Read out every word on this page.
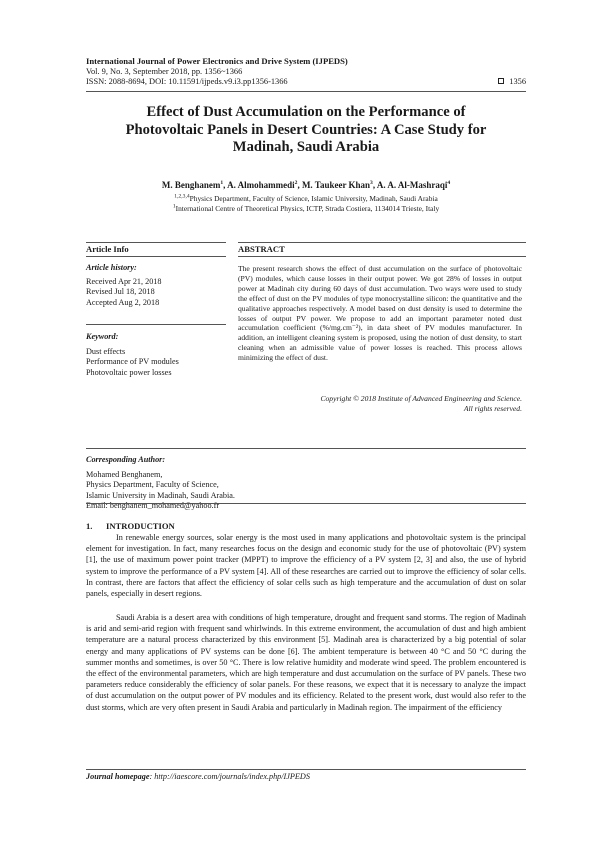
International Journal of Power Electronics and Drive System (IJPEDS)
Vol. 9, No. 3, September 2018, pp. 1356~1366
ISSN: 2088-8694, DOI: 10.11591/ijpeds.v9.i3.pp1356-1366	1356
Effect of Dust Accumulation on the Performance of
Photovoltaic Panels in Desert Countries: A Case Study for
Madinah, Saudi Arabia
M. Benghanem$^1$, A. Almohammedi$^2$, M. Taukeer Khan$^3$, A. A. Al-Mashraqi$^4$
$^{1,2,3,4}$Physics Department, Faculty of Science, Islamic University, Madinah, Saudi Arabia
$^1$International Centre of Theoretical Physics, ICTP, Strada Costiera, 1134014 Trieste, Italy
Article Info	ABSTRACT
Article history:
Received Apr 21, 2018
Revised Jul 18, 2018
Accepted Aug 2, 2018
Keyword:
Dust effects
Performance of PV modules
Photovoltaic power losses
The present research shows the effect of dust accumulation on the surface of photovoltaic (PV) modules, which cause losses in their output power. We got 28% of losses in output power at Madinah city during 60 days of dust accumulation. Two ways were used to study the effect of dust on the PV modules of type monocrystalline silicon: the quantitative and the qualitative approaches respectively. A model based on dust density is used to determine the losses of output PV power. We propose to add an important parameter noted dust accumulation coefficient (%/mg.cm⁻²), in data sheet of PV modules manufacturer. In addition, an intelligent cleaning system is proposed, using the notion of dust density, to start cleaning when an admissible value of power losses is reached. This process allows minimizing the effect of dust.
Copyright © 2018 Institute of Advanced Engineering and Science.
All rights reserved.
Corresponding Author:
Mohamed Benghanem,
Physics Department, Faculty of Science,
Islamic University in Madinah, Saudi Arabia.
Email: benghanem_mohamed@yahoo.fr
1. INTRODUCTION
In renewable energy sources, solar energy is the most used in many applications and photovoltaic system is the principal element for investigation. In fact, many researches focus on the design and economic study for the use of photovoltaic (PV) system [1], the use of maximum power point tracker (MPPT) to improve the efficiency of a PV system [2, 3] and also, the use of hybrid system to improve the performance of a PV system [4]. All of these researches are carried out to improve the efficiency of solar cells. In contrast, there are factors that affect the efficiency of solar cells such as high temperature and the accumulation of dust on solar panels, especially in desert regions.
Saudi Arabia is a desert area with conditions of high temperature, drought and frequent sand storms. The region of Madinah is arid and semi-arid region with frequent sand whirlwinds. In this extreme environment, the accumulation of dust and high ambient temperature are a natural process characterized by this environment [5]. Madinah area is characterized by a big potential of solar energy and many applications of PV systems can be done [6]. The ambient temperature is between 40 °C and 50 °C during the summer months and sometimes, is over 50 °C. There is low relative humidity and moderate wind speed. The problem encountered is the effect of the environmental parameters, which are high temperature and dust accumulation on the surface of PV panels. These two parameters reduce considerably the efficiency of solar panels. For these reasons, we expect that it is necessary to analyze the impact of dust accumulation on the output power of PV modules and its efficiency. Related to the present work, dust would also refer to the dust storms, which are very often present in Saudi Arabia and particularly in Madinah region. The impairment of the efficiency
Journal homepage: http://iaescore.com/journals/index.php/IJPEDS
